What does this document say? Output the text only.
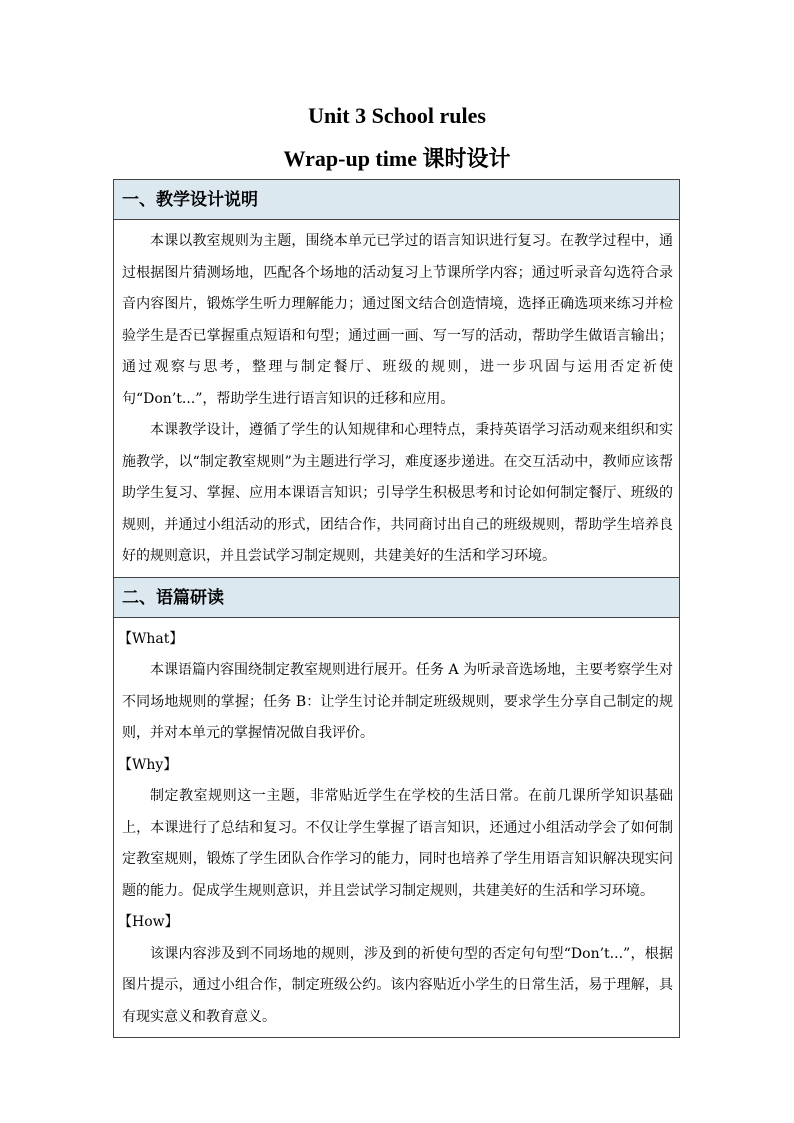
Unit 3 School rules
Wrap-up time 课时设计
一、教学设计说明

本课以教室规则为主题，围绕本单元已学过的语言知识进行复习。在教学过程中，通过根据图片猜测场地，匹配各个场地的活动复习上节课所学内容；通过听录音勾选符合录音内容图片，锻炼学生听力理解能力；通过图文结合创造情境，选择正确选项来练习并检验学生是否已掌握重点短语和句型；通过画一画、写一写的活动，帮助学生做语言输出；通过观察与思考，整理与制定餐厅、班级的规则，进一步巩固与运用否定祈使句“Don’t...”，帮助学生进行语言知识的迁移和应用。

本课教学设计，遵循了学生的认知规律和心理特点，秉持英语学习活动观来组织和实施教学，以“制定教室规则”为主题进行学习，难度逐步递进。在交互活动中，教师应该帮助学生复习、掌握、应用本课语言知识；引导学生积极思考和讨论如何制定餐厅、班级的规则，并通过小组活动的形式，团结合作，共同商讨出自己的班级规则，帮助学生培养良好的规则意识，并且尝试学习制定规则，共建美好的生活和学习环境。

二、语篇研读

【What】

本课语篇内容围绕制定教室规则进行展开。任务 A 为听录音选场地，主要考察学生对不同场地规则的掌握；任务 B：让学生讨论并制定班级规则，要求学生分享自己制定的规则，并对本单元的掌握情况做自我评价。

【Why】

制定教室规则这一主题，非常贴近学生在学校的生活日常。在前几课所学知识基础上，本课进行了总结和复习。不仅让学生掌握了语言知识，还通过小组活动学会了如何制定教室规则，锻炼了学生团队合作学习的能力，同时也培养了学生用语言知识解决现实问题的能力。促成学生规则意识，并且尝试学习制定规则，共建美好的生活和学习环境。

【How】

该课内容涉及到不同场地的规则，涉及到的祈使句型的否定句句型“Don’t...”，根据图片提示，通过小组合作，制定班级公约。该内容贴近小学生的日常生活，易于理解，具有现实意义和教育意义。
